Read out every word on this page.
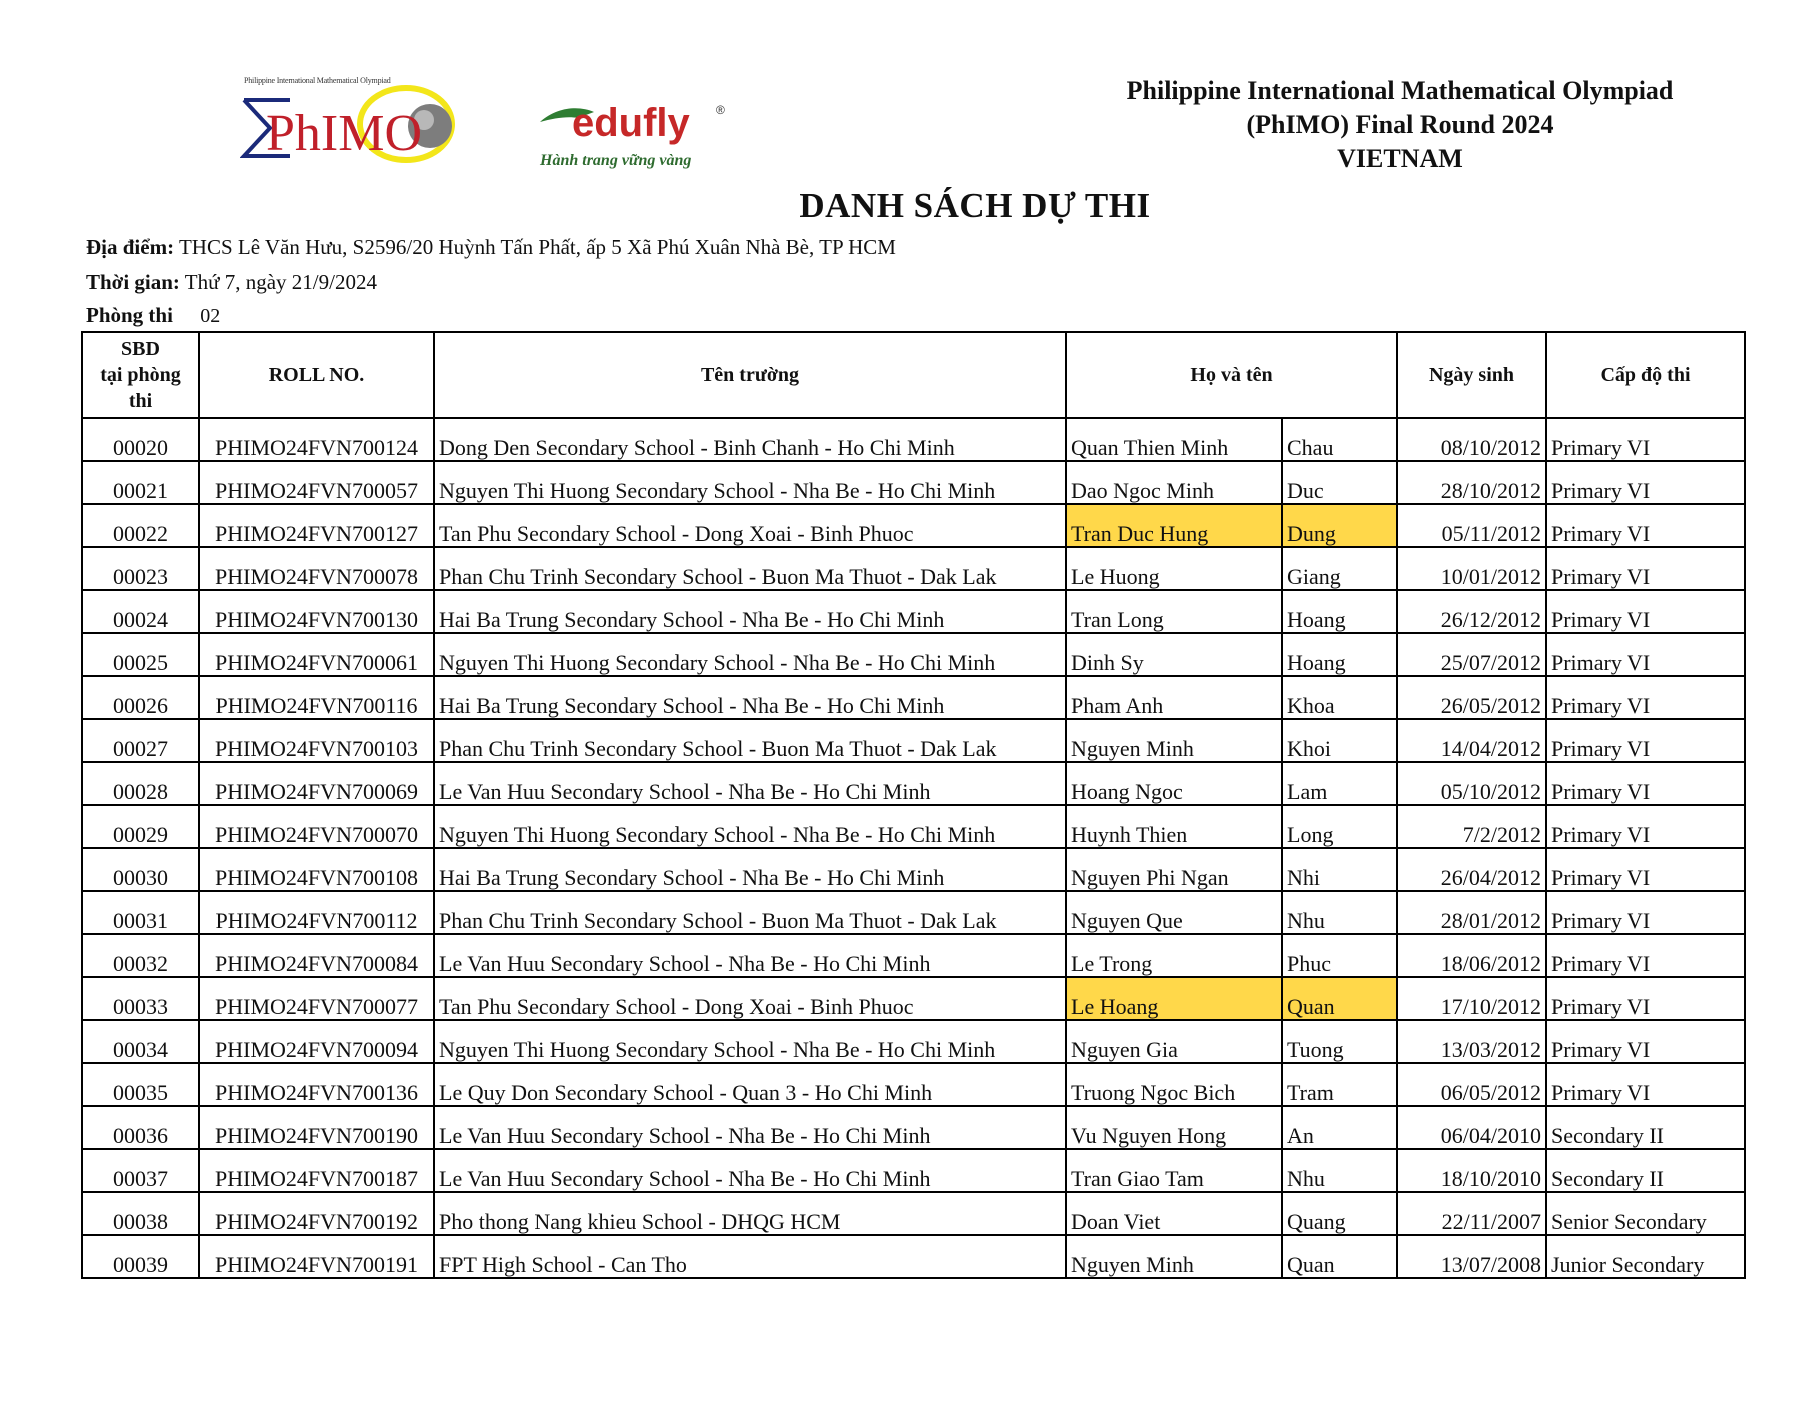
Philippine International Mathematical Olympiad
PhIMO	edufly ®
Hành trang vững vàng
Philippine International Mathematical Olympiad
(PhIMO) Final Round 2024
VIETNAM
DANH SÁCH DỰ THI
Địa điểm: THCS Lê Văn Hưu, S2596/20 Huỳnh Tấn Phất, ấp 5 Xã Phú Xuân Nhà Bè, TP HCM
Thời gian: Thứ 7, ngày 21/9/2024
Phòng thi 02
SBD
tại phòng
thi	ROLL NO.	Tên trường	Họ và tên		Ngày sinh	Cấp độ thi
00020	PHIMO24FVN700124	Dong Den Secondary School - Binh Chanh - Ho Chi Minh	Quan Thien Minh	Chau	08/10/2012	Primary VI
00021	PHIMO24FVN700057	Nguyen Thi Huong Secondary School - Nha Be - Ho Chi Minh	Dao Ngoc Minh	Duc	28/10/2012	Primary VI
00022	PHIMO24FVN700127	Tan Phu Secondary School - Dong Xoai - Binh Phuoc	Tran Duc Hung	Dung	05/11/2012	Primary VI
00023	PHIMO24FVN700078	Phan Chu Trinh Secondary School - Buon Ma Thuot - Dak Lak	Le Huong	Giang	10/01/2012	Primary VI
00024	PHIMO24FVN700130	Hai Ba Trung Secondary School - Nha Be - Ho Chi Minh	Tran Long	Hoang	26/12/2012	Primary VI
00025	PHIMO24FVN700061	Nguyen Thi Huong Secondary School - Nha Be - Ho Chi Minh	Dinh Sy	Hoang	25/07/2012	Primary VI
00026	PHIMO24FVN700116	Hai Ba Trung Secondary School - Nha Be - Ho Chi Minh	Pham Anh	Khoa	26/05/2012	Primary VI
00027	PHIMO24FVN700103	Phan Chu Trinh Secondary School - Buon Ma Thuot - Dak Lak	Nguyen Minh	Khoi	14/04/2012	Primary VI
00028	PHIMO24FVN700069	Le Van Huu Secondary School - Nha Be - Ho Chi Minh	Hoang Ngoc	Lam	05/10/2012	Primary VI
00029	PHIMO24FVN700070	Nguyen Thi Huong Secondary School - Nha Be - Ho Chi Minh	Huynh Thien	Long	7/2/2012	Primary VI
00030	PHIMO24FVN700108	Hai Ba Trung Secondary School - Nha Be - Ho Chi Minh	Nguyen Phi Ngan	Nhi	26/04/2012	Primary VI
00031	PHIMO24FVN700112	Phan Chu Trinh Secondary School - Buon Ma Thuot - Dak Lak	Nguyen Que	Nhu	28/01/2012	Primary VI
00032	PHIMO24FVN700084	Le Van Huu Secondary School - Nha Be - Ho Chi Minh	Le Trong	Phuc	18/06/2012	Primary VI
00033	PHIMO24FVN700077	Tan Phu Secondary School - Dong Xoai - Binh Phuoc	Le Hoang	Quan	17/10/2012	Primary VI
00034	PHIMO24FVN700094	Nguyen Thi Huong Secondary School - Nha Be - Ho Chi Minh	Nguyen Gia	Tuong	13/03/2012	Primary VI
00035	PHIMO24FVN700136	Le Quy Don Secondary School - Quan 3 - Ho Chi Minh	Truong Ngoc Bich	Tram	06/05/2012	Primary VI
00036	PHIMO24FVN700190	Le Van Huu Secondary School - Nha Be - Ho Chi Minh	Vu Nguyen Hong	An	06/04/2010	Secondary II
00037	PHIMO24FVN700187	Le Van Huu Secondary School - Nha Be - Ho Chi Minh	Tran Giao Tam	Nhu	18/10/2010	Secondary II
00038	PHIMO24FVN700192	Pho thong Nang khieu School - DHQG HCM	Doan Viet	Quang	22/11/2007	Senior Secondary
00039	PHIMO24FVN700191	FPT High School - Can Tho	Nguyen Minh	Quan	13/07/2008	Junior Secondary
